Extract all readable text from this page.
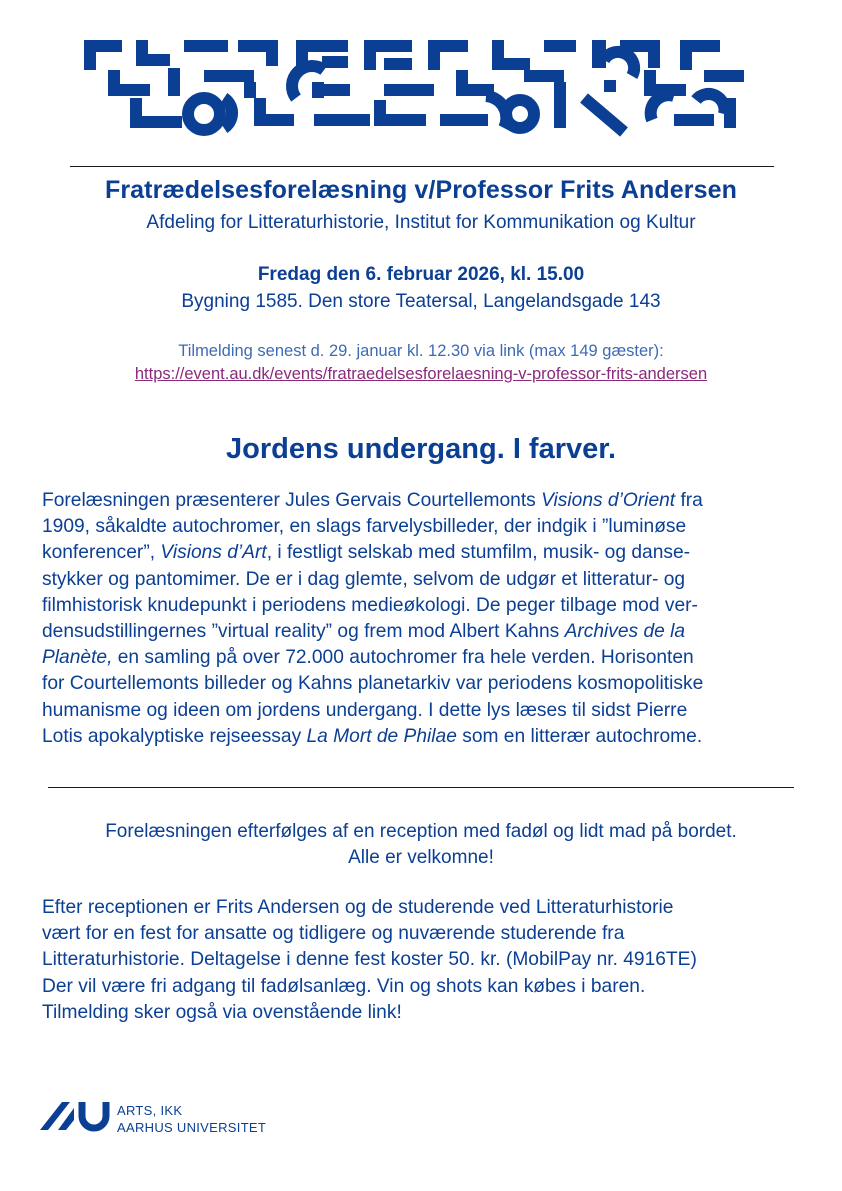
Fratrædelsesforelæsning v/Professor Frits Andersen
Afdeling for Litteraturhistorie, Institut for Kommunikation og Kultur
Fredag den 6. februar 2026, kl. 15.00
Bygning 1585. Den store Teatersal, Langelandsgade 143
Tilmelding senest d. 29. januar kl. 12.30 via link (max 149 gæster):
https://event.au.dk/events/fratraedelsesforelaesning-v-professor-frits-andersen
Jordens undergang. I farver.
Forelæsningen præsenterer Jules Gervais Courtellemonts Visions d’Orient fra
1909, såkaldte autochromer, en slags farvelysbilleder, der indgik i ”luminøse
konferencer”, Visions d’Art, i festligt selskab med stumfilm, musik- og danse-
stykker og pantomimer. De er i dag glemte, selvom de udgør et litteratur- og
filmhistorisk knudepunkt i periodens medieøkologi. De peger tilbage mod ver-
densudstillingernes ”virtual reality” og frem mod Albert Kahns Archives de la
Planète, en samling på over 72.000 autochromer fra hele verden. Horisonten
for Courtellemonts billeder og Kahns planetarkiv var periodens kosmopolitiske
humanisme og ideen om jordens undergang. I dette lys læses til sidst Pierre
Lotis apokalyptiske rejseessay La Mort de Philae som en litterær autochrome.
Forelæsningen efterfølges af en reception med fadøl og lidt mad på bordet.
Alle er velkomne!
Efter receptionen er Frits Andersen og de studerende ved Litteraturhistorie
vært for en fest for ansatte og tidligere og nuværende studerende fra
Litteraturhistorie. Deltagelse i denne fest koster 50. kr. (MobilPay nr. 4916TE)
Der vil være fri adgang til fadølsanlæg. Vin og shots kan købes i baren.
Tilmelding sker også via ovenstående link!
ARTS, IKK
AARHUS UNIVERSITET
